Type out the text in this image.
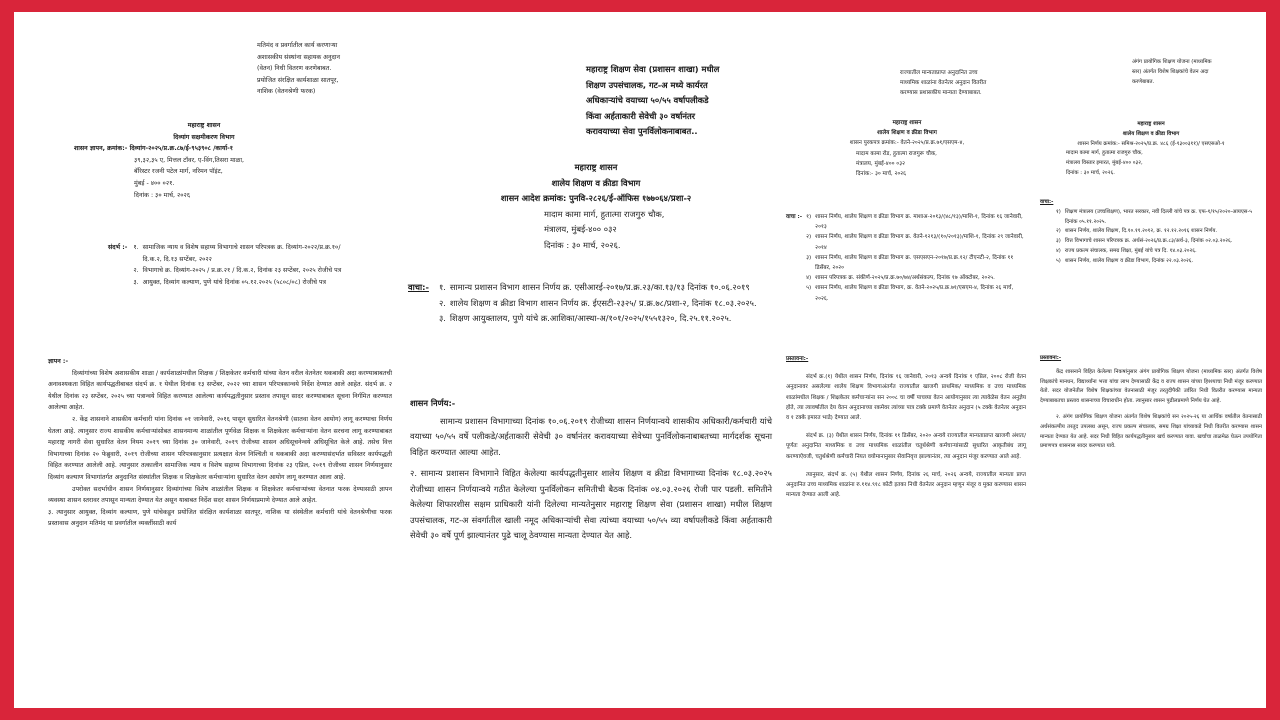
मतिमंद व प्रवर्गातील कार्य करणाऱ्या

अशासकीय संस्थांना सहायक अनुदान

(वेतन) निधी वितरण करणेबाबत.

प्रयोजित संरक्षित कार्यशाळा सातपूर,

नाशिक (वेतनश्रेणी फरक)

महाराष्ट्र शासन

दिव्यांग सक्षमीकरण विभाग

शासन ज्ञापन, क्रमांक:- दिव्यांग-२०२५/प्र.क्र.८७/ई-९५३९०८ /कार्या-१

३९,३२,३५ ए, मित्तल टॉवर, ए-विंग,तिसरा माळा,

बॅरिस्टर रजनी पटेल मार्ग, नरिमन पॉइंट,

मुंबई - ४०० ०२१.

दिनांक : ३० मार्च, २०२६

संदर्भ :- १. सामाजिक न्याय व विशेष सहाय्य विभागाचे शासन परिपत्रक क्र. दिव्यांग-२०२२/प्र.क्र.१०/ दि.क.२, दि.१३ सप्टेंबर, २०२२
२. विभागाचे क्र. दिव्यांग-२०२५ / प्र.क्र.२१ / दि.क.२, दिनांक २३ सप्टेंबर, २०२५ रोजीचे पत्र
३. आयुक्त, दिव्यांग कल्याण, पुणे यांचे दिनांक ०५.१२.२०२५ (५८०८/०८) रोजीचे पत्र

ज्ञापन :-

दिव्यांगांच्या विशेष अशासकीय शाळा / कार्यशाळांमधील शिक्षक / शिक्षकेतर कर्मचारी यांच्या वेतन वरील वेतनेतर थकबाकी अदा करण्याबाबतची अनावश्यकता विहित कार्यपद्धतीबाबत संदर्भ क्र. १ येथील दिनांक १३ सप्टेंबर, २०२२ च्या शासन परिपत्रकान्वये निर्देश देण्यात आले आहेत. संदर्भ क्र. २ येथील दिनांक २३ सप्टेंबर, २०२५ च्या पत्रान्वये विहित करण्यात आलेल्या कार्यपद्धतीनुसार प्रस्ताव तपासून सादर करण्याबाबत सूचना निर्गमित करण्यात आलेल्या आहेत.

२. केंद्र शासनाने शासकीय कर्मचारी यांना दिनांक ०१ जानेवारी, २०१६ पासून सुधारित वेतनश्रेणी (सातवा वेतन आयोग) लागू करण्याचा निर्णय घेतला आहे. त्यानुसार राज्य शासकीय कर्मचाऱ्यांसोबत शासनमान्य शाळांतील पूर्णवेळ शिक्षक व शिक्षकेतर कर्मचाऱ्यांना वेतन सरचना लागू करण्याबाबत महाराष्ट्र नागरी सेवा सुधारित वेतन नियम २०१९ च्या दिनांक ३० जानेवारी, २०१९ रोजीच्या शासन अधिसूचनेन्वये अधिसूचित केले आहे. तसेच वित्त विभागाच्या दिनांक २० फेब्रुवारी, २०१९ रोजीच्या शासन परिपत्रकानुसार प्रत्यक्षात वेतन निश्चिती व थकबाकी अदा करण्यासंदर्भात सविस्तर कार्यपद्धती विहित करण्यात आलेली आहे. त्यानुसार तत्कालीन सामाजिक न्याय व विशेष सहाय्य विभागाच्या दिनांक २३ एप्रिल, २०१९ रोजीच्या शासन निर्णयानुसार दिव्यांग कल्याण विभागांतर्गत अनुदानित संस्थांतील शिक्षक व शिक्षकेतर कर्मचाऱ्यांना सुधारित वेतन आयोग लागू करण्यात आला आहे.

उपरोक्त सदर्भाधीन शासन निर्णयानुसार दिव्यांगांच्या विशेष शाळांतील शिक्षक व शिक्षकेतर कर्मचाऱ्यांच्या वेतनात फरक देण्यासाठी ज्ञापन व्यवस्था शासन स्तरावर तपासून मान्यता देण्यात येत असून याबाबत निर्देश सदर शासन निर्णयाप्रमाणे देण्यात आले आहेत.

३. त्यानुसार आयुक्त, दिव्यांग कल्याण, पुणे यांचेकडून प्रयोजित संरक्षित कार्यशाळा सातपूर, नाशिक या संस्थेतील कर्मचारी यांचे वेतनश्रेणीचा फरक प्रस्तावास अनुदान मतिमंद या प्रवर्गातील व्यक्तींसाठी कार्य

महाराष्ट्र शिक्षण सेवा (प्रशासन शाखा) मधील

शिक्षण उपसंचालक, गट-अ मध्ये कार्यरत

अधिकाऱ्यांचे वयाच्या ५०/५५ वर्षापलीकडे

किंवा अर्हताकारी सेवेची ३० वर्षानंतर

करावयाच्या सेवा पुनर्विलोकनाबाबत..

महाराष्ट्र शासन

शालेय शिक्षण व क्रीडा विभाग

शासन आदेश क्रमांक: पुनवि-२८२६/ई-ऑफिस १७७०६४/प्रशा-२

मादाम कामा मार्ग, हुतात्मा राजगुरु चौक,

मंत्रालय, मुंबई-४०० ०३२

दिनांक : ३० मार्च, २०२६.

वाचा:- १. सामान्य प्रशासन विभाग शासन निर्णय क्र. एसीआरई-२०१७/प्र.क्र.२३/का.१३/१३ दिनांक १०.०६.२०१९
२. शालेय शिक्षण व क्रीडा विभाग शासन निर्णय क्र. ईएसटी-२३२५/ प्र.क्र.७८/प्रशा-२, दिनांक १८.०३.२०२५.
३. शिक्षण आयुक्तालय, पुणे यांचे क्र.आशिका/आस्था-अ/१०१/२०२५/१५५१३२०, दि.२५.११.२०२५.

शासन निर्णय:-

सामान्य प्रशासन विभागाच्या दिनांक १०.०६.२०१९ रोजीच्या शासन निर्णयान्वये शासकीय अधिकारी/कर्मचारी यांचे वयाच्या ५०/५५ वर्षे पलीकडे/अर्हताकारी सेवेची ३० वर्षानंतर करावयाच्या सेवेच्या पुनर्विलोकनाबाबतच्या मार्गदर्शक सूचना विहित करण्यात आल्या आहेत.

२. सामान्य प्रशासन विभागाने विहित केलेल्या कार्यपद्धतीनुसार शालेय शिक्षण व क्रीडा विभागाच्या दिनांक १८.०३.२०२५ रोजीच्या शासन निर्णयान्वये गठीत केलेल्या पुनर्विलोकन समितीची बैठक दिनांक ०४.०३.२०२६ रोजी पार पडली. समितीने केलेल्या शिफारशीस सक्षम प्राधिकारी यांनी दिलेल्या मान्यतेनुसार महाराष्ट्र शिक्षण सेवा (प्रशासन शाखा) मधील शिक्षण उपसंचालक, गट-अ संवर्गातील खाली नमूद अधिकाऱ्यांची सेवा त्यांच्या वयाच्या ५०/५५ व्या वर्षापलीकडे किंवा अर्हताकारी सेवेची ३० वर्षे पूर्ण झाल्यानंतर पुढे चालू ठेवण्यास मान्यता देण्यात येत आहे.

राज्यातील मान्यताप्राप्त अनुदानित उच्च

माध्यमिक शाळांना वेतनेतर अनुदान वितरीत

करण्यास प्रशासकीय मान्यता देण्याबाबत.

महाराष्ट्र शासन

शालेय शिक्षण व क्रीडा विभाग

शासन पुरकपत्र क्रमांक:- वेतने-२०२५/प्र.क्र.७१/एसएम-४,

मादाम कामा रोड, हुतात्मा राजगुरू चौक,

मंत्रालय, मुंबई-४०० ०३२

दिनांक:- ३० मार्च, २०२६

वाचा :- १) शासन निर्णय, शालेय शिक्षण व क्रीडा विभाग क्र. माशाअ-२०१३/(४८/१३)/माशि-१, दिनांक १६ जानेवारी, २०१३
२) शासन निर्णय, शालेय शिक्षण व क्रीडा विभाग क्र. वेतने-१२१३/(१०/२०१३)/माशि-१, दिनांक २९ जानेवारी, २०१४
३) शासन निर्णय, शालेय शिक्षण व क्रीडा विभाग क्र. एसएसएन-२०१७/प्र.क्र.१२/ टीएनटी-२, दिनांक ११ डिसेंबर, २०२०
४) शासन परिपत्रक क्र. संकीर्ण-२०२५/प्र.क्र.७०/७४/अर्थसंकल्प, दिनांक १७ ऑक्टोबर, २०२५.
५) शासन निर्णय, शालेय शिक्षण व क्रीडा विभाग, क्र. वेतने-२०२५/प्र.क्र.७१/एसएम-४, दिनांक २६ मार्च, २०२६.

प्रस्तावना:-

संदर्भ क्र.(१) येथील शासन निर्णय, दिनांक १६ जानेवारी, २०१३ अन्वये दिनांक १ एप्रिल, २००८ रोजी वेतन अनुदानावर असलेल्या शालेय शिक्षण विभागाअंतर्गत राज्यातील खाजगी प्राथमिक/ माध्यमिक व उच्च माध्यमिक शाळांमधील शिक्षक / शिक्षकेतर कर्मचाऱ्यांना सन २००८ चा वर्षी पाचव्या वेतन आयोगानुसार त्या त्यावेळेस वेतन अनुज्ञेय होते, त्या त्यावर्षातील देय वेतन अनुदानाच्या रकमेवर त्यांच्या पात्र टक्के प्रमाणे वेतनेतर अनुदान (५ टक्के वेतनेतर अनुदान व १ टक्के इमारत भाडे) देण्यात आले.

संदर्भ क्र. (३) येथील शासन निर्णय, दिनांक ११ डिसेंबर, २०२० अन्वये राज्यातील मान्यताप्राप्त खाजगी अंशतः/ पूर्णतः अनुदानित माध्यमिक व उच्च माध्यमिक शाळांतील चतुर्थश्रेणी कर्मचाऱ्यांसाठी सुधारित आकृतीबंध लागू करण्याऐवजी, चतुर्थश्रेणी कर्मचारी नियत वयोमानानुसार सेवानिवृत्त झाल्यानंतर, त्या अनुदान मंजूर करण्यात आले आहे.

त्यानुसार, संदर्भ क्र. (५) येथील शासन निर्णय, दिनांक २६ मार्च, २०२६ अन्वये, राज्यातील मान्यता प्राप्त अनुदानित उच्च माध्यमिक शाळांना रु.११४.९१८ कोटी इतका निधी वेतनेतर अनुदान म्हणून मंजूर व मुक्त करण्यास शासन मान्यता देण्यात आली आहे.

अंगंग प्रायोगिक शिक्षण योजना (माध्यमिक

स्तर) अंतर्गत विशेष शिक्षकांचे वेतन अदा

करणेबाबत.

महाराष्ट्र शासन

शालेय शिक्षण व क्रीडा विभाग

शासन निर्णय क्रमांक:- समिश्र-२०२५/प्र.क्र. ४८६ (ई-१३००३११)/ एसएसओ-१

मादाम कामा मार्ग, हुतात्मा राजगुरु चौक,

मंत्रालय विस्तार इमारत, मुंबई-४०० ०३२,

दिनांक : ३० मार्च, २०२६.

वाचा:-

१) शिक्षण मंत्रालय (उच्चशिक्षण), भारत सरकार, नवी दिल्ली यांचे पत्र क्र. एफ-१/१५/२०२०-आयएस-५ दिनांक ०५.११.२०२५.
२) शासन निर्णय, शालेय शिक्षण, दि.१०.११.२०१२, क्र. १२.१२.२०१६ शासन निर्णय.
३) वित्त विभागाचे शासन परिपत्रक क्र. अर्थसं-२०२६/प्र.क्र.८३/अर्थ-३, दिनांक ०२.०३.२०२६.
४) राज्य प्रकल्प संचालक, समग्र शिक्षा, मुंबई यांचे पत्र दि. १४.०३.२०२६.
५) शासन निर्णय, शालेय शिक्षण व क्रीडा विभाग, दिनांक २२.०३.२०२६.

प्रस्तावना:-

केंद्र शासनाने विहित केलेल्या निकषांनुसार अंगंग प्रायोगिक शिक्षण योजना (माध्यमिक स्तर) अंतर्गत विशेष शिक्षकांचे मानधन, विद्यार्थ्यांना भत्ता यांचा लाभ देण्यासाठी केंद्र व राज्य शासन यांच्या हिश्श्याचा निधी मंजूर करण्यात येतो. सदर योजनेतील विशेष शिक्षकांच्या वेतनासाठी मंजूर तरतुदीपैकी उर्वरित निधी वितरीत करण्यास मान्यता देण्याबाबतचा प्रस्ताव शासनाच्या विचाराधीन होता. त्यानुसार शासन पुढीलप्रमाणे निर्णय घेत आहे.

२. अंगंग प्रायोगिक शिक्षण योजना अंतर्गत विशेष शिक्षकांचे सन २०२५-२६ या आर्थिक वर्षातील वेतनासाठी अर्थसंकल्पीय तरतूद उपलब्ध असून, राज्य प्रकल्प संचालक, समग्र शिक्षा यांच्याकडे निधी वितरीत करण्यास शासन मान्यता देण्यात येत आहे. सदर निधी विहित कार्यपद्धतीनुसार खर्च करण्यात यावा. खर्चाचा ताळमेळ घेऊन उपयोगिता प्रमाणपत्र शासनास सादर करण्यात यावे.
